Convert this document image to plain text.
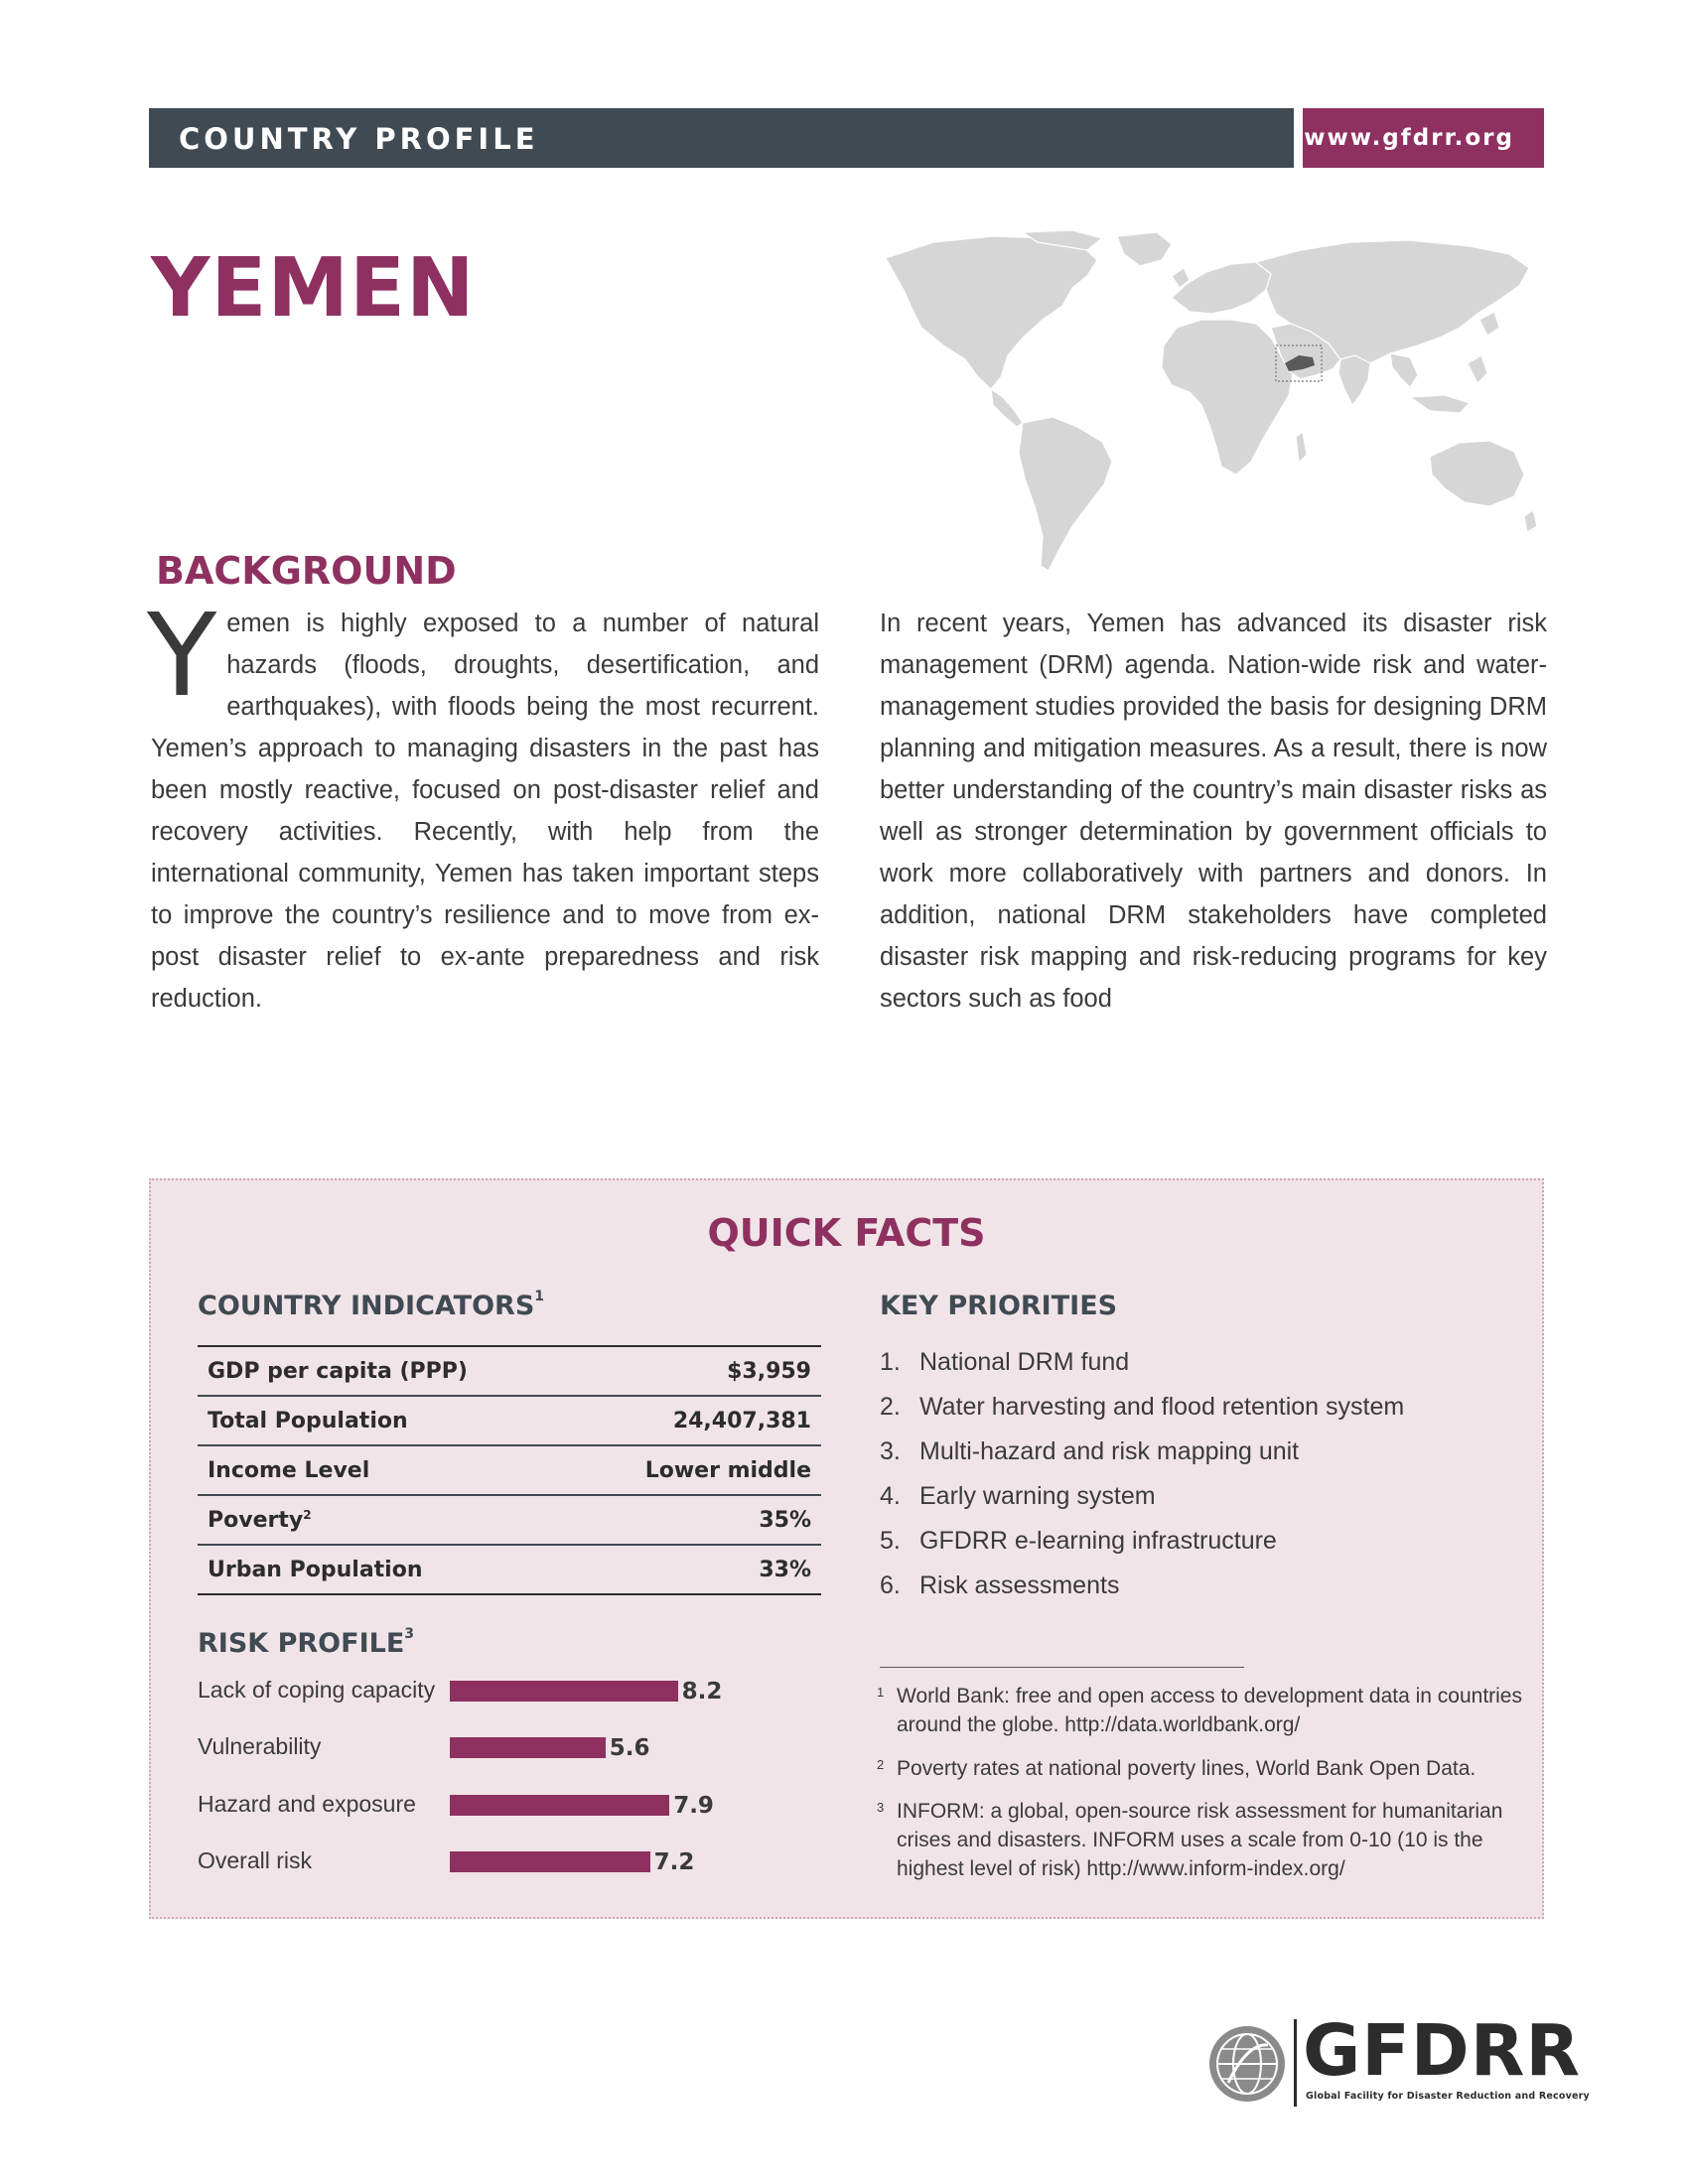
COUNTRY PROFILE	www.gfdrr.org
YEMEN
BACKGROUND
Yemen is highly exposed to a number of natural hazards (floods, droughts, desertification, and earthquakes), with floods being the most recurrent. Yemen’s approach to managing disasters in the past has been mostly reactive, focused on post-disaster relief and recovery activities. Recently, with help from the international community, Yemen has taken important steps to improve the country’s resilience and to move from ex-post disaster relief to ex-ante preparedness and risk reduction.
In recent years, Yemen has advanced its disaster risk management (DRM) agenda. Nation-wide risk and water-management studies provided the basis for designing DRM planning and mitigation measures. As a result, there is now better understanding of the country’s main disaster risks as well as stronger determination by government officials to work more collaboratively with partners and donors. In addition, national DRM stakeholders have completed disaster risk mapping and risk-reducing programs for key sectors such as food
QUICK FACTS
COUNTRY INDICATORS$^1$
GDP per capita (PPP)	$3,959
Total Population	24,407,381
Income Level	Lower middle
Poverty$^2$	35%
Urban Population	33%
KEY PRIORITIES
1. National DRM fund
2. Water harvesting and flood retention system
3. Multi-hazard and risk mapping unit
4. Early warning system
5. GFDRR e-learning infrastructure
6. Risk assessments
RISK PROFILE$^3$
Lack of coping capacity	8.2
Vulnerability	5.6
Hazard and exposure	7.9
Overall risk	7.2
1 World Bank: free and open access to development data in countries around the globe. http://data.worldbank.org/
2 Poverty rates at national poverty lines, World Bank Open Data.
3 INFORM: a global, open-source risk assessment for humanitarian crises and disasters. INFORM uses a scale from 0-10 (10 is the highest level of risk) http://www.inform-index.org/
GFDRR
Global Facility for Disaster Reduction and Recovery
